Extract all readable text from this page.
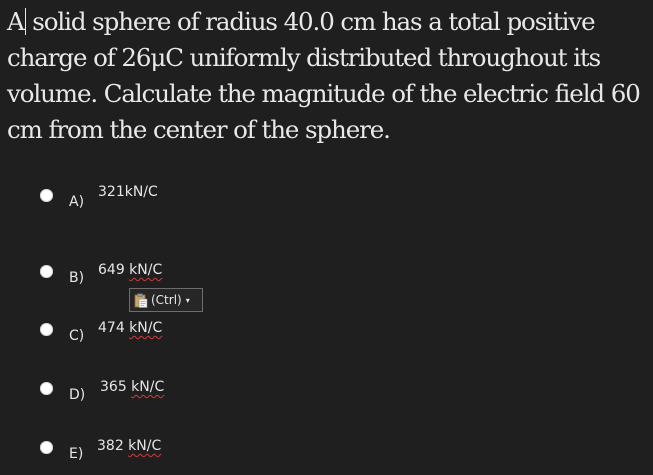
A solid sphere of radius 40.0 cm has a total positive charge of 26μC uniformly distributed throughout its volume. Calculate the magnitude of the electric field 60 cm from the center of the sphere.
A)
321kN/C
B) 649 kN/C
(Ctrl) ▾
C) 474 kN/C
D) 365 kN/C
E) 382 kN/C
